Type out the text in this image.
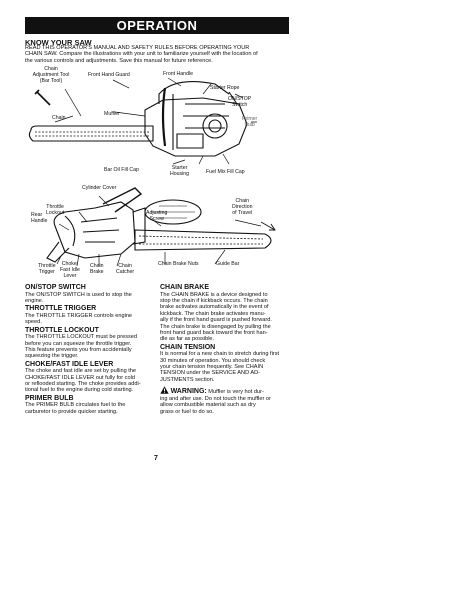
OPERATION
KNOW YOUR SAW
READ THIS OPERATOR'S MANUAL AND SAFETY RULES BEFORE OPERATING YOUR
CHAIN SAW. Compare the illustrations with your unit to familiarize yourself with the location of
the various controls and adjustments. Save this manual for future reference.
Chain
Adjustment Tool
(Bar Tool)
Front Hand Guard	Front Handle
Starter Rope
ON/STOP
Switch
Primer
Bulb
Chain
Muffler
Bar Oil Fill Cap	Starter
Housing	Fuel Mix Fill Cap
Cylinder Cover
Throttle
Lockout
Rear
Handle
Adjusting
Screw
Chain
Direction
of Travel
Throttle
Trigger
Choke/
Fast Idle
Lever
Chain
Brake
Chain
Catcher
Chain Brake Nuts	Guide Bar
ON/STOP SWITCH
The ON/STOP SWITCH is used to stop the
engine.
THROTTLE TRIGGER
The THROTTLE TRIGGER controls engine
speed.
THROTTLE LOCKOUT
The THROTTLE LOCKOUT must be pressed
before you can squeeze the throttle trigger.
This feature prevents you from accidentally
squeezing the trigger.
CHOKE/FAST IDLE LEVER
The choke and fast idle are set by pulling the
CHOKE/FAST IDLE LEVER out fully for cold
or reflooded starting. The choke provides addi-
tional fuel to the engine during cold starting.
PRIMER BULB
The PRIMER BULB circulates fuel to the
carburetor to provide quicker starting.
CHAIN BRAKE
The CHAIN BRAKE is a device designed to
stop the chain if kickback occurs. The chain
brake activates automatically in the event of
kickback. The chain brake activates manu-
ally if the front hand guard is pushed forward.
The chain brake is disengaged by pulling the
front hand guard back toward the front han-
dle as far as possible.
CHAIN TENSION
It is normal for a new chain to stretch during first
30 minutes of operation. You should check
your chain tension frequently. See CHAIN
TENSION under the SERVICE AND AD-
JUSTMENTS section.
WARNING: Muffler is very hot dur-
ing and after use. Do not touch the muffler or
allow combustible material such as dry
grass or fuel to do so.
7
